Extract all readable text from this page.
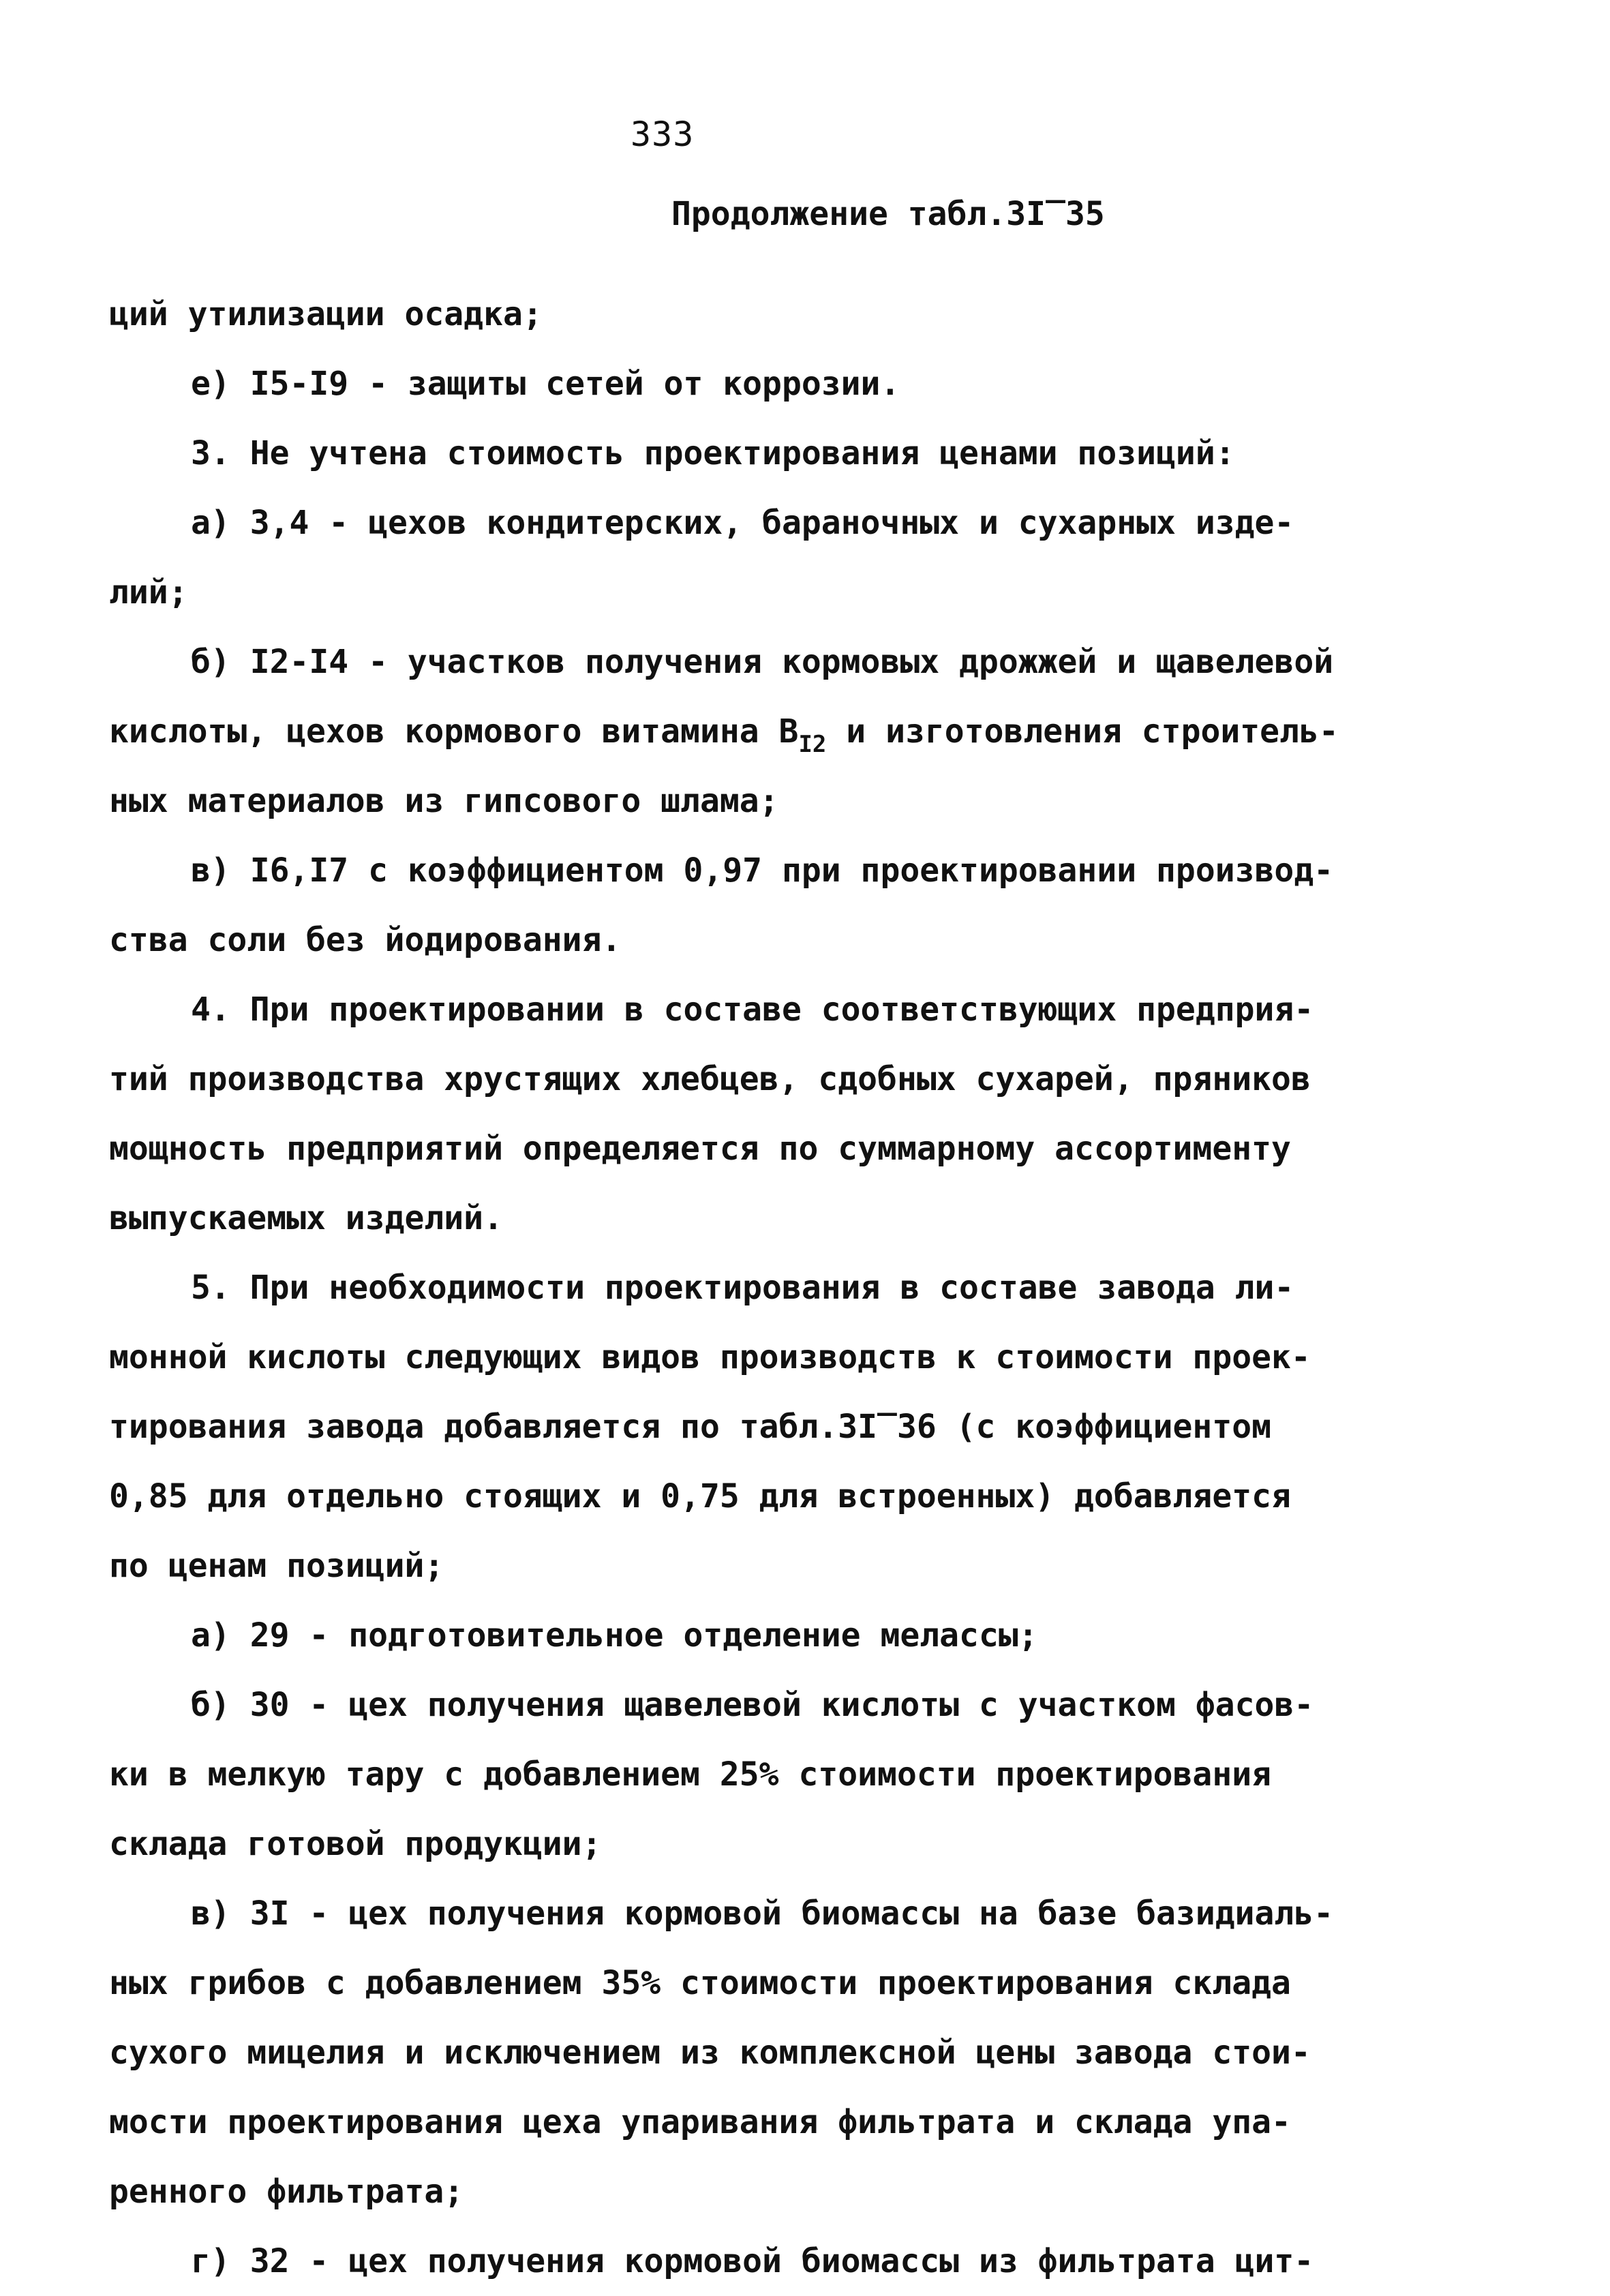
333
Продолжение табл.3I‾35
ций утилизации осадка;
е) I5-I9 - защиты сетей от коррозии.
3. Не учтена стоимость проектирования ценами позиций:
а) 3,4 - цехов кондитерских, бараночных и сухарных изде-
лий;
б) I2-I4 - участков получения кормовых дрожжей и щавелевой
кислоты, цехов кормового витамина $B_{I2}$ и изготовления строитель-
ных материалов из гипсового шлама;
в) I6,I7 с коэффициентом 0,97 при проектировании производ-
ства соли без йодирования.
4. При проектировании в составе соответствующих предприя-
тий производства хрустящих хлебцев, сдобных сухарей, пряников
мощность предприятий определяется по суммарному ассортименту
выпускаемых изделий.
5. При необходимости проектирования в составе завода ли-
монной кислоты следующих видов производств к стоимости проек-
тирования завода добавляется по табл.3I‾36 (с коэффициентом
0,85 для отдельно стоящих и 0,75 для встроенных) добавляется
по ценам позиций;
а) 29 - подготовительное отделение мелассы;
б) 30 - цех получения щавелевой кислоты с участком фасов-
ки в мелкую тару с добавлением 25% стоимости проектирования
склада готовой продукции;
в) 3I - цех получения кормовой биомассы на базе базидиаль-
ных грибов с добавлением 35% стоимости проектирования склада
сухого мицелия и исключением из комплексной цены завода стои-
мости проектирования цеха упаривания фильтрата и склада упа-
ренного фильтрата;
г) 32 - цех получения кормовой биомассы из фильтрата цит-
